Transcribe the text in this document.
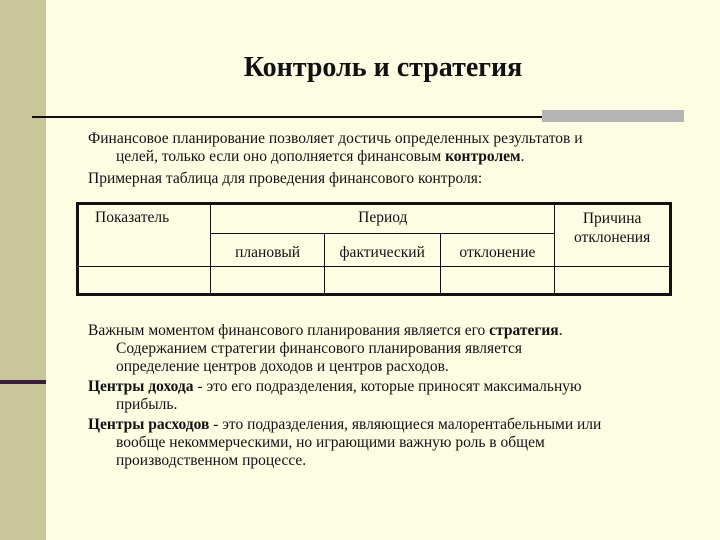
Контроль и стратегия

Финансовое планирование позволяет достичь определенных результатов и
целей, только если оно дополняется финансовым контролем.

Примерная таблица для проведения финансового контроля:

Показатель	Период			Причина
отклонения
	плановый	фактический	отклонение	

Важным моментом финансового планирования является его стратегия.
Содержанием стратегии финансового планирования является
определение центров доходов и центров расходов.

Центры дохода - это его подразделения, которые приносят максимальную
прибыль.

Центры расходов - это подразделения, являющиеся малорентабельными или
вообще некоммерческими, но играющими важную роль в общем
производственном процессе.
